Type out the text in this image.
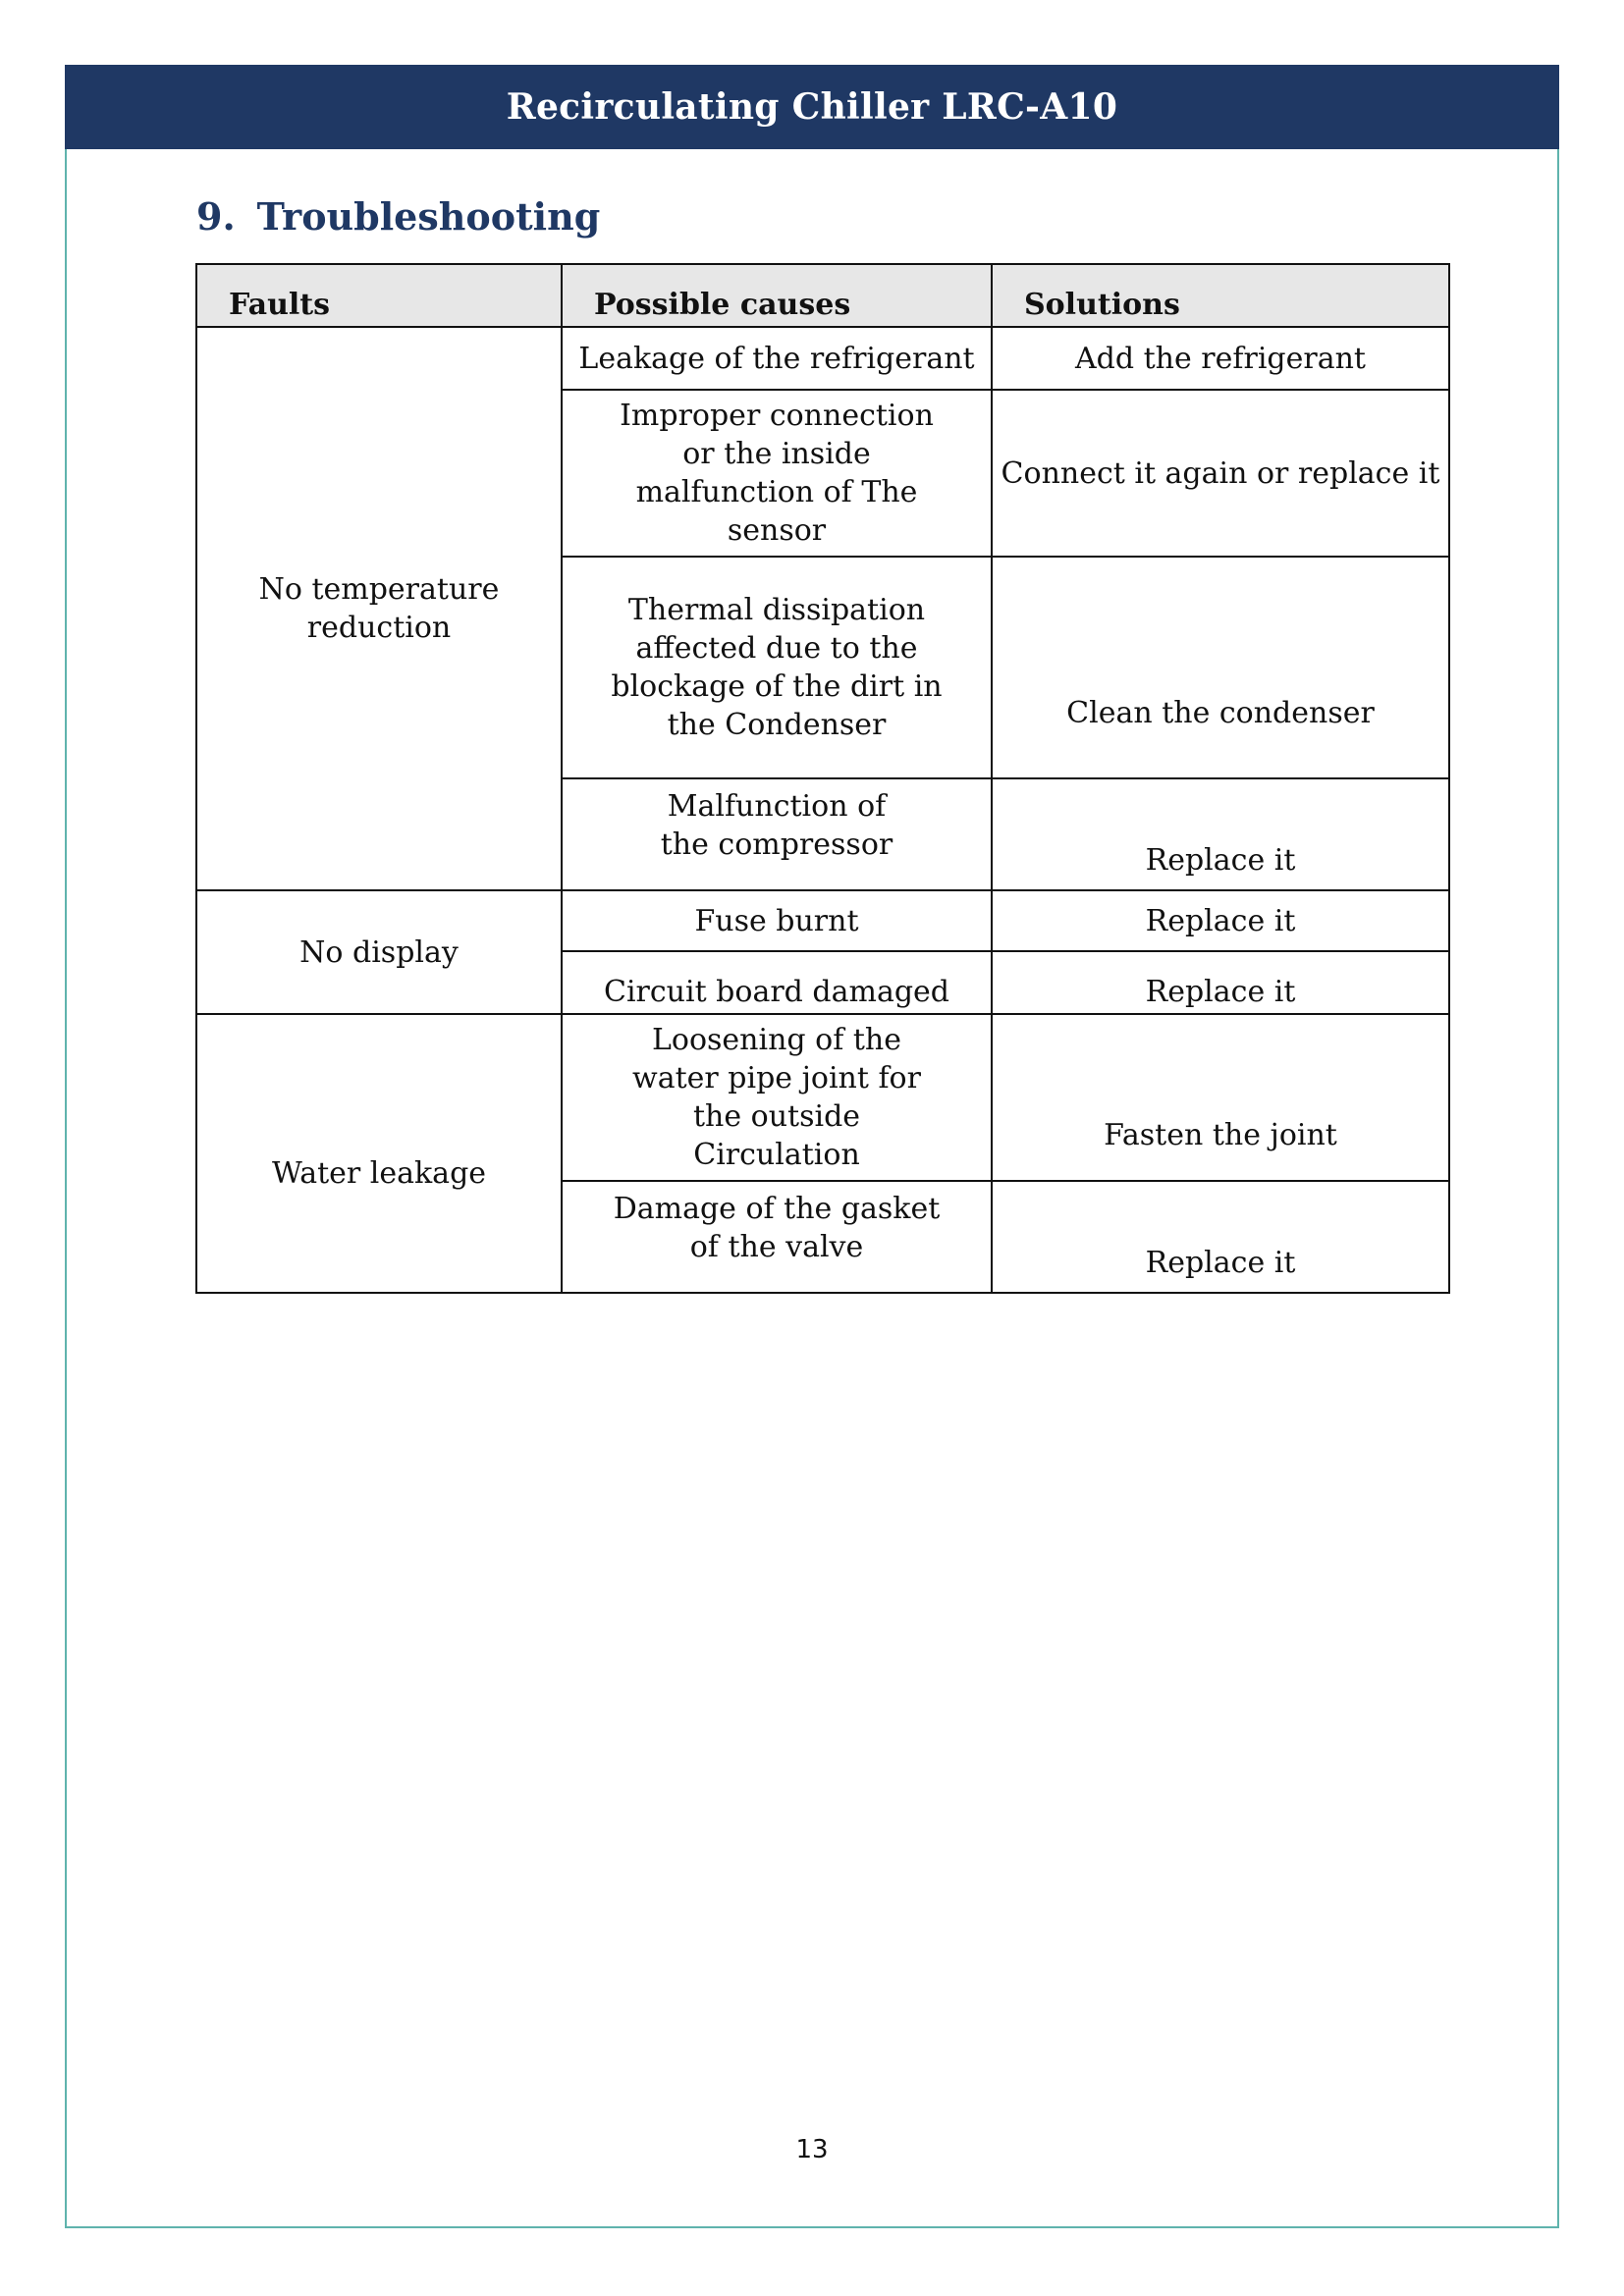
Recirculating Chiller LRC-A10
9. Troubleshooting
Faults	Possible causes	Solutions

No temperature reduction	Leakage of the refrigerant	Add the refrigerant
	Improper connection or the inside malfunction of The sensor	Connect it again or replace it
	Thermal dissipation affected due to the blockage of the dirt in the Condenser	Clean the condenser
	Malfunction of the compressor	Replace it
No display	Fuse burnt	Replace it
	Circuit board damaged	Replace it
Water leakage	Loosening of the water pipe joint for the outside Circulation	Fasten the joint
	Damage of the gasket of the valve	Replace it
13
